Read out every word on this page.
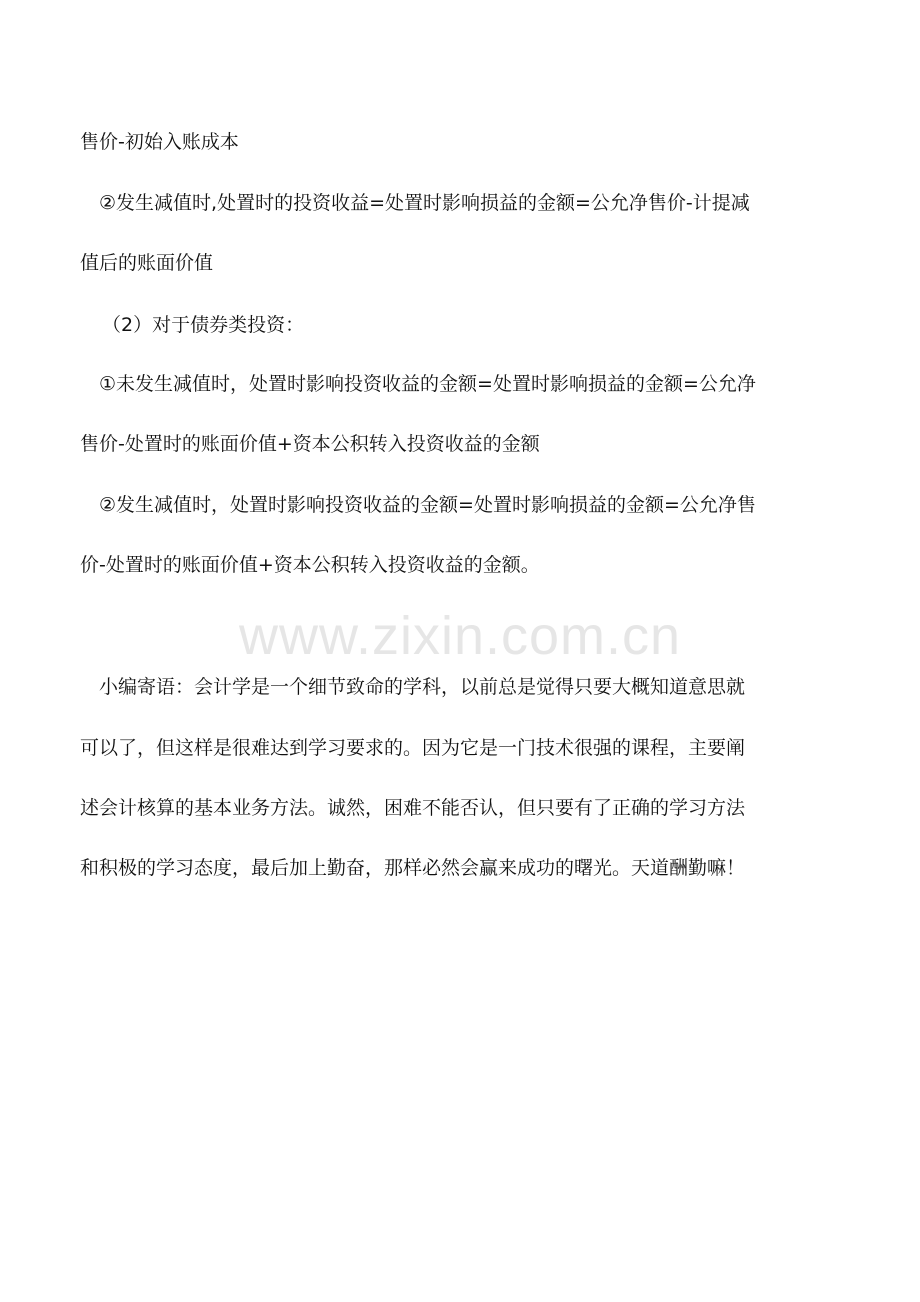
售价-初始入账成本
②发生减值时,处置时的投资收益=处置时影响损益的金额=公允净售价-计提减
值后的账面价值
（2）对于债券类投资：
①未发生减值时，处置时影响投资收益的金额=处置时影响损益的金额=公允净
售价-处置时的账面价值+资本公积转入投资收益的金额
②发生减值时，处置时影响投资收益的金额=处置时影响损益的金额=公允净售
价-处置时的账面价值+资本公积转入投资收益的金额。
www.zixin.com.cn
小编寄语：会计学是一个细节致命的学科，以前总是觉得只要大概知道意思就
可以了，但这样是很难达到学习要求的。因为它是一门技术很强的课程，主要阐
述会计核算的基本业务方法。诚然，困难不能否认，但只要有了正确的学习方法
和积极的学习态度，最后加上勤奋，那样必然会赢来成功的曙光。天道酬勤嘛！
